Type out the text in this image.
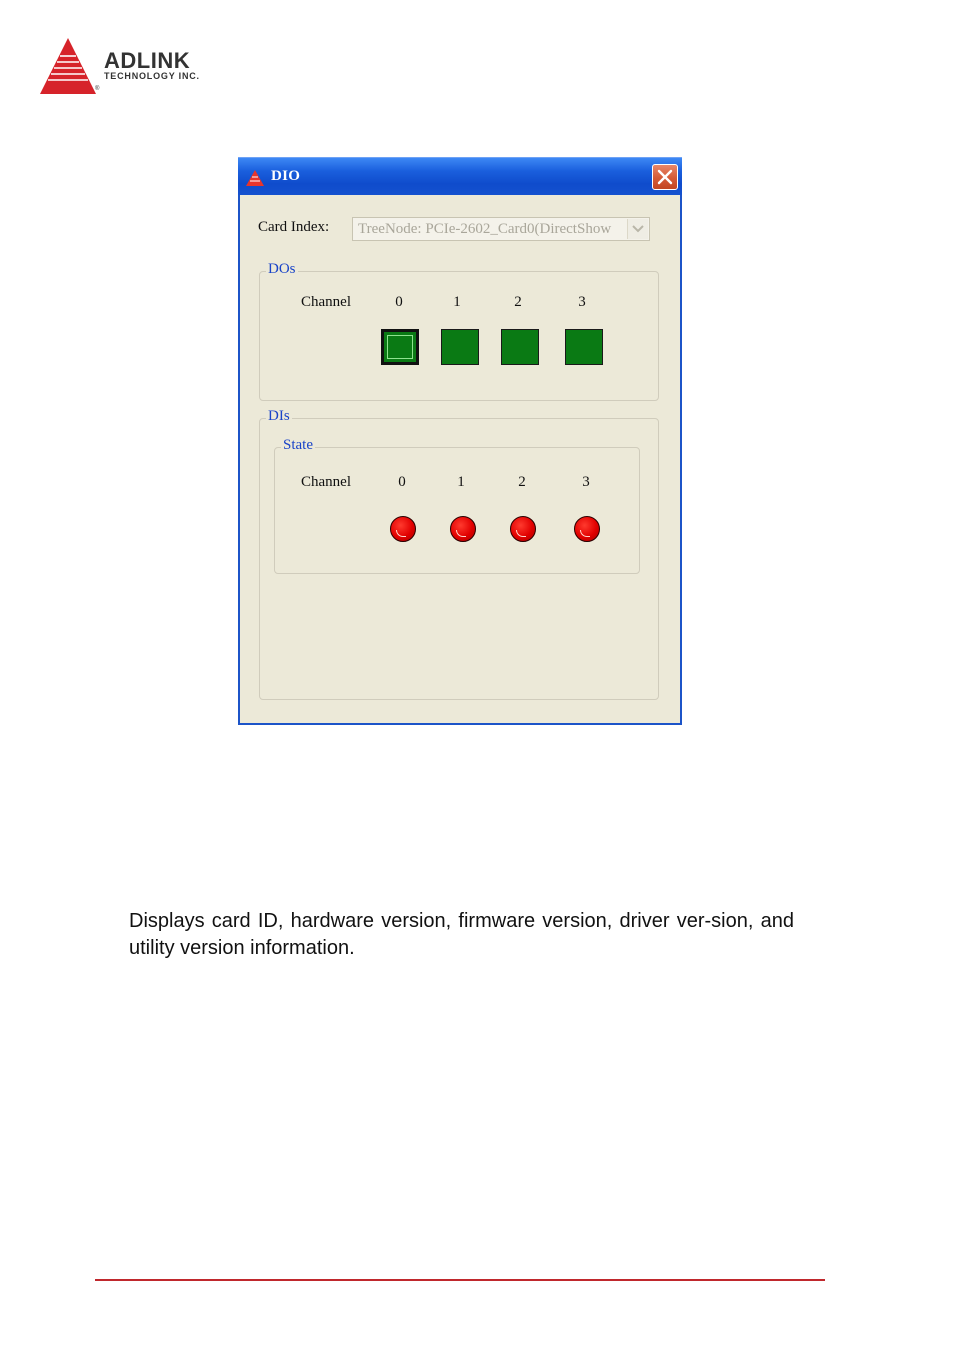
ADLINK
TECHNOLOGY INC.
®
DIO
Card Index: TreeNode: PCIe-2602_Card0(DirectShow
DOs
Channel	0	1	2	3
DIs
State
Channel	0	1	2	3

Displays card ID, hardware version, firmware version, driver ver-sion, and utility version information.
